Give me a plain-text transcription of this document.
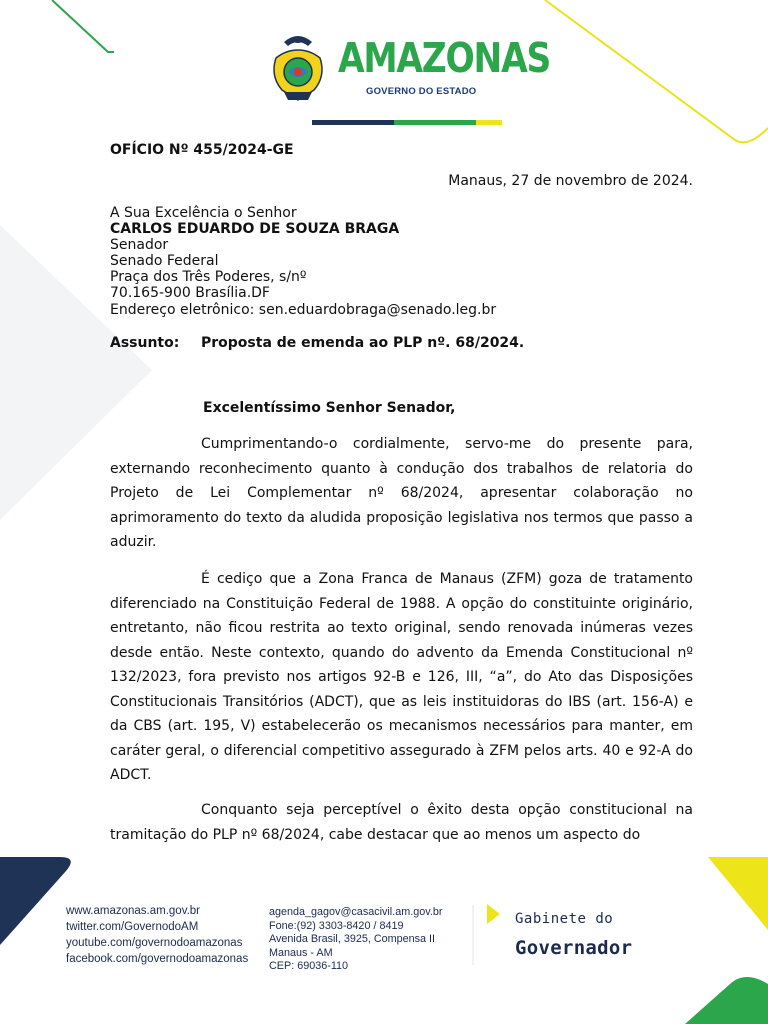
AMAZONAS
GOVERNO DO ESTADO
OFÍCIO Nº 455/2024-GE
Manaus, 27 de novembro de 2024.
A Sua Excelência o Senhor
CARLOS EDUARDO DE SOUZA BRAGA
Senador
Senado Federal
Praça dos Três Poderes, s/nº
70.165-900 Brasília.DF
Endereço eletrônico: sen.eduardobraga@senado.leg.br
Assunto: Proposta de emenda ao PLP nº. 68/2024.
Excelentíssimo Senhor Senador,

Cumprimentando-o cordialmente, servo-me do presente para, externando reconhecimento quanto à condução dos trabalhos de relatoria do Projeto de Lei Complementar nº 68/2024, apresentar colaboração no aprimoramento do texto da aludida proposição legislativa nos termos que passo a aduzir.

É cediço que a Zona Franca de Manaus (ZFM) goza de tratamento diferenciado na Constituição Federal de 1988. A opção do constituinte originário, entretanto, não ficou restrita ao texto original, sendo renovada inúmeras vezes desde então. Neste contexto, quando do advento da Emenda Constitucional nº 132/2023, fora previsto nos artigos 92-B e 126, III, “a”, do Ato das Disposições Constitucionais Transitórios (ADCT), que as leis instituidoras do IBS (art. 156-A) e da CBS (art. 195, V) estabelecerão os mecanismos necessários para manter, em caráter geral, o diferencial competitivo assegurado à ZFM pelos arts. 40 e 92-A do ADCT.

Conquanto seja perceptível o êxito desta opção constitucional na tramitação do PLP nº 68/2024, cabe destacar que ao menos um aspecto do

www.amazonas.am.gov.br
twitter.com/GovernodoAM
youtube.com/governodoamazonas
facebook.com/governodoamazonas
agenda_gagov@casacivil.am.gov.br
Fone:(92) 3303-8420 / 8419
Avenida Brasil, 3925, Compensa II
Manaus - AM
CEP: 69036-110
Gabinete do
Governador
